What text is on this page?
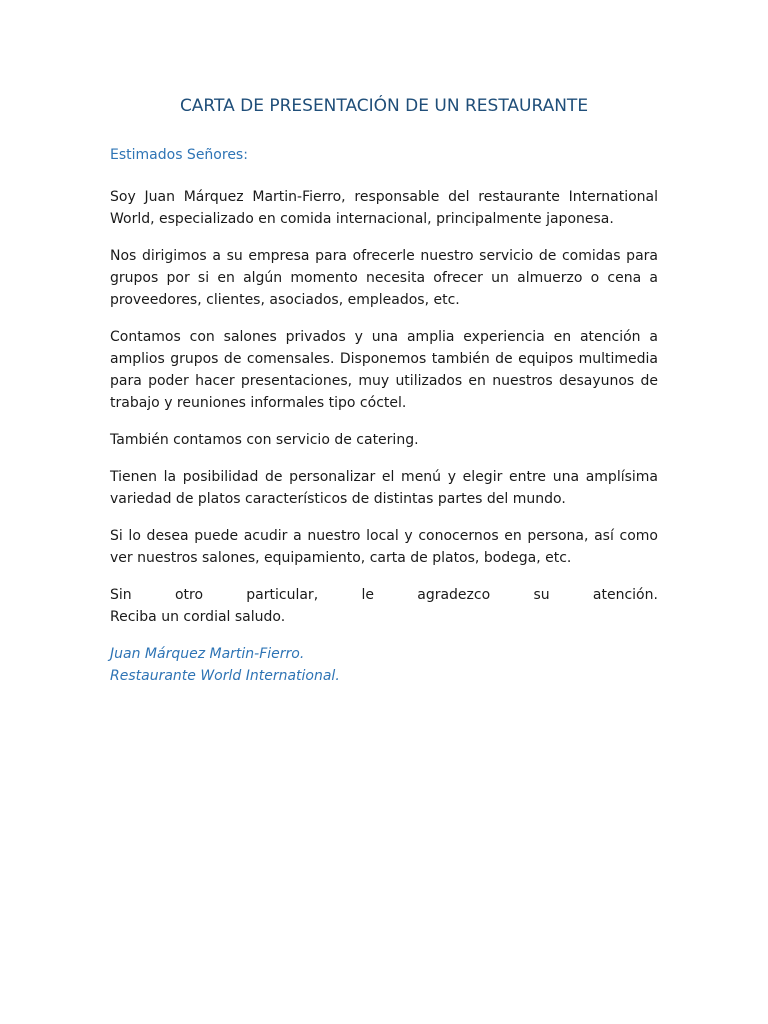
CARTA DE PRESENTACIÓN DE UN RESTAURANTE

Estimados Señores:

Soy Juan Márquez Martin-Fierro, responsable del restaurante International World, especializado en comida internacional, principalmente japonesa.

Nos dirigimos a su empresa para ofrecerle nuestro servicio de comidas para grupos por si en algún momento necesita ofrecer un almuerzo o cena a proveedores, clientes, asociados, empleados, etc.

Contamos con salones privados y una amplia experiencia en atención a amplios grupos de comensales. Disponemos también de equipos multimedia para poder hacer presentaciones, muy utilizados en nuestros desayunos de trabajo y reuniones informales tipo cóctel.

También contamos con servicio de catering.

Tienen la posibilidad de personalizar el menú y elegir entre una amplísima variedad de platos característicos de distintas partes del mundo.

Si lo desea puede acudir a nuestro local y conocernos en persona, así como ver nuestros salones, equipamiento, carta de platos, bodega, etc.

Sin	otro	particular,	le	agradezco	su	atención.
Reciba un cordial saludo.
Juan Márquez Martin-Fierro.
Restaurante World International.
